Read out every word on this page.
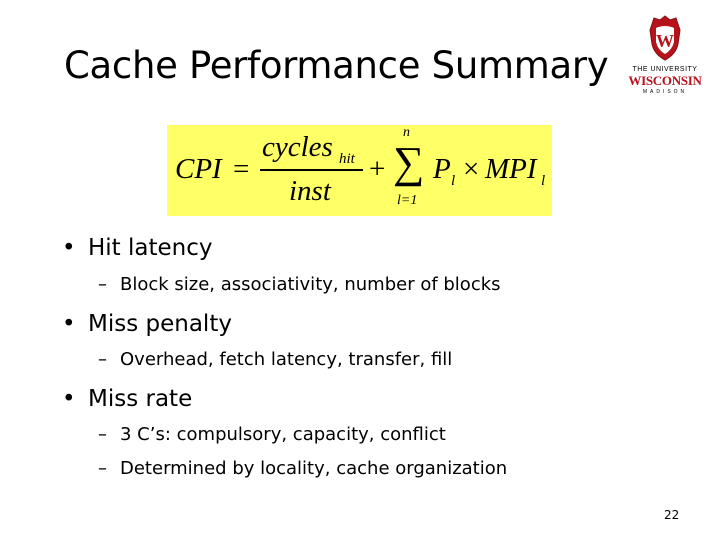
Cache Performance Summary
W
THE UNIVERSITY
WISCONSIN
MADISON
CPI =
cycles hit
inst
+
n
∑
l=1
P l × MPI l
• Hit latency
– Block size, associativity, number of blocks
• Miss penalty
– Overhead, fetch latency, transfer, fill
• Miss rate
– 3 C’s: compulsory, capacity, conflict
– Determined by locality, cache organization
22
